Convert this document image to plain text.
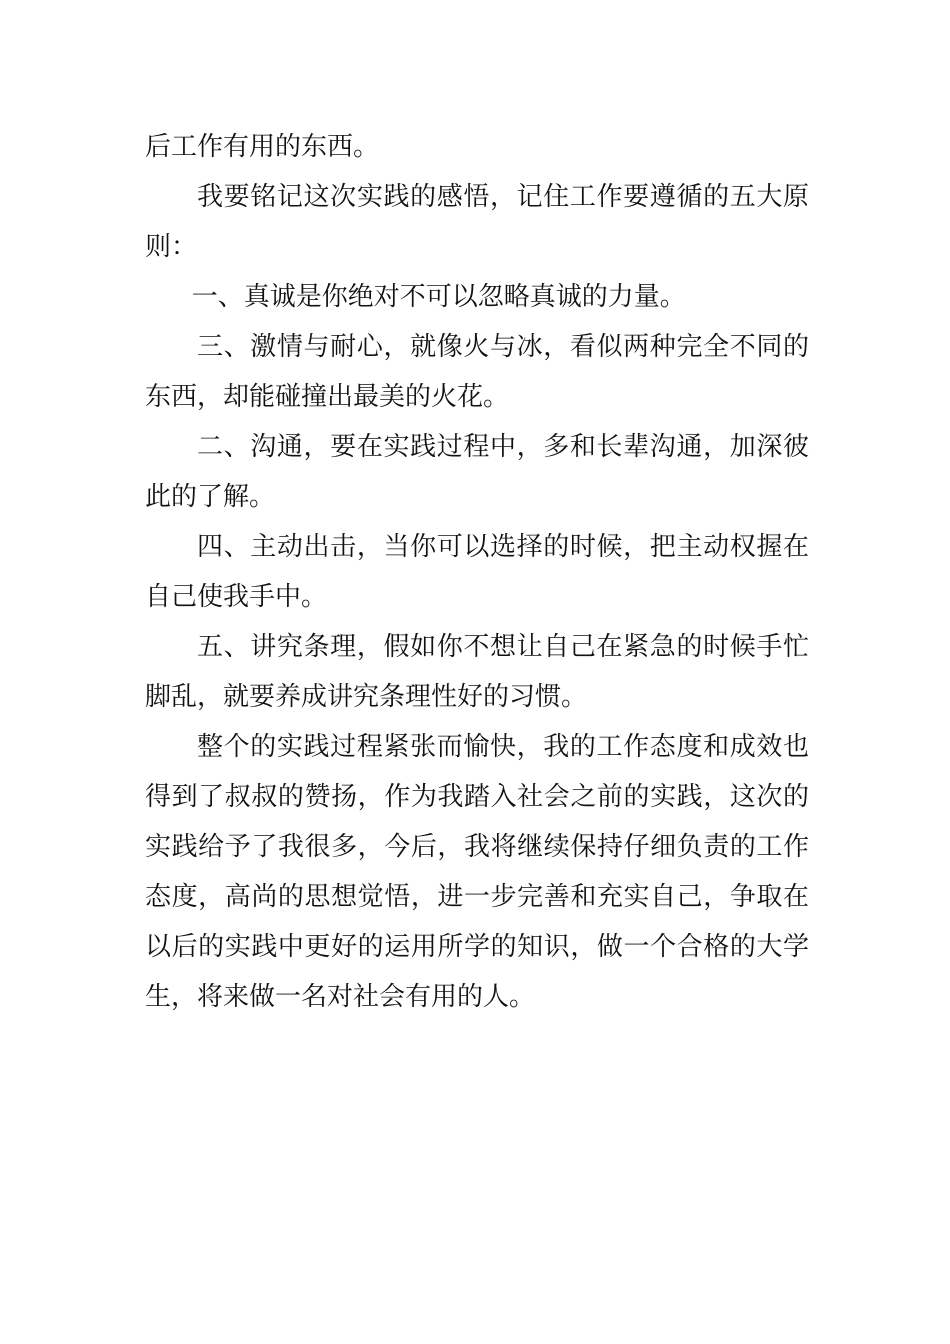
后工作有用的东西。

我要铭记这次实践的感悟，记住工作要遵循的五大原则：

一、真诚是你绝对不可以忽略真诚的力量。

三、激情与耐心，就像火与冰，看似两种完全不同的东西，却能碰撞出最美的火花。

二、沟通，要在实践过程中，多和长辈沟通，加深彼此的了解。

四、主动出击，当你可以选择的时候，把主动权握在自己使我手中。

五、讲究条理，假如你不想让自己在紧急的时候手忙脚乱，就要养成讲究条理性好的习惯。

整个的实践过程紧张而愉快，我的工作态度和成效也得到了叔叔的赞扬，作为我踏入社会之前的实践，这次的实践给予了我很多，今后，我将继续保持仔细负责的工作态度，高尚的思想觉悟，进一步完善和充实自己，争取在以后的实践中更好的运用所学的知识，做一个合格的大学生，将来做一名对社会有用的人。
